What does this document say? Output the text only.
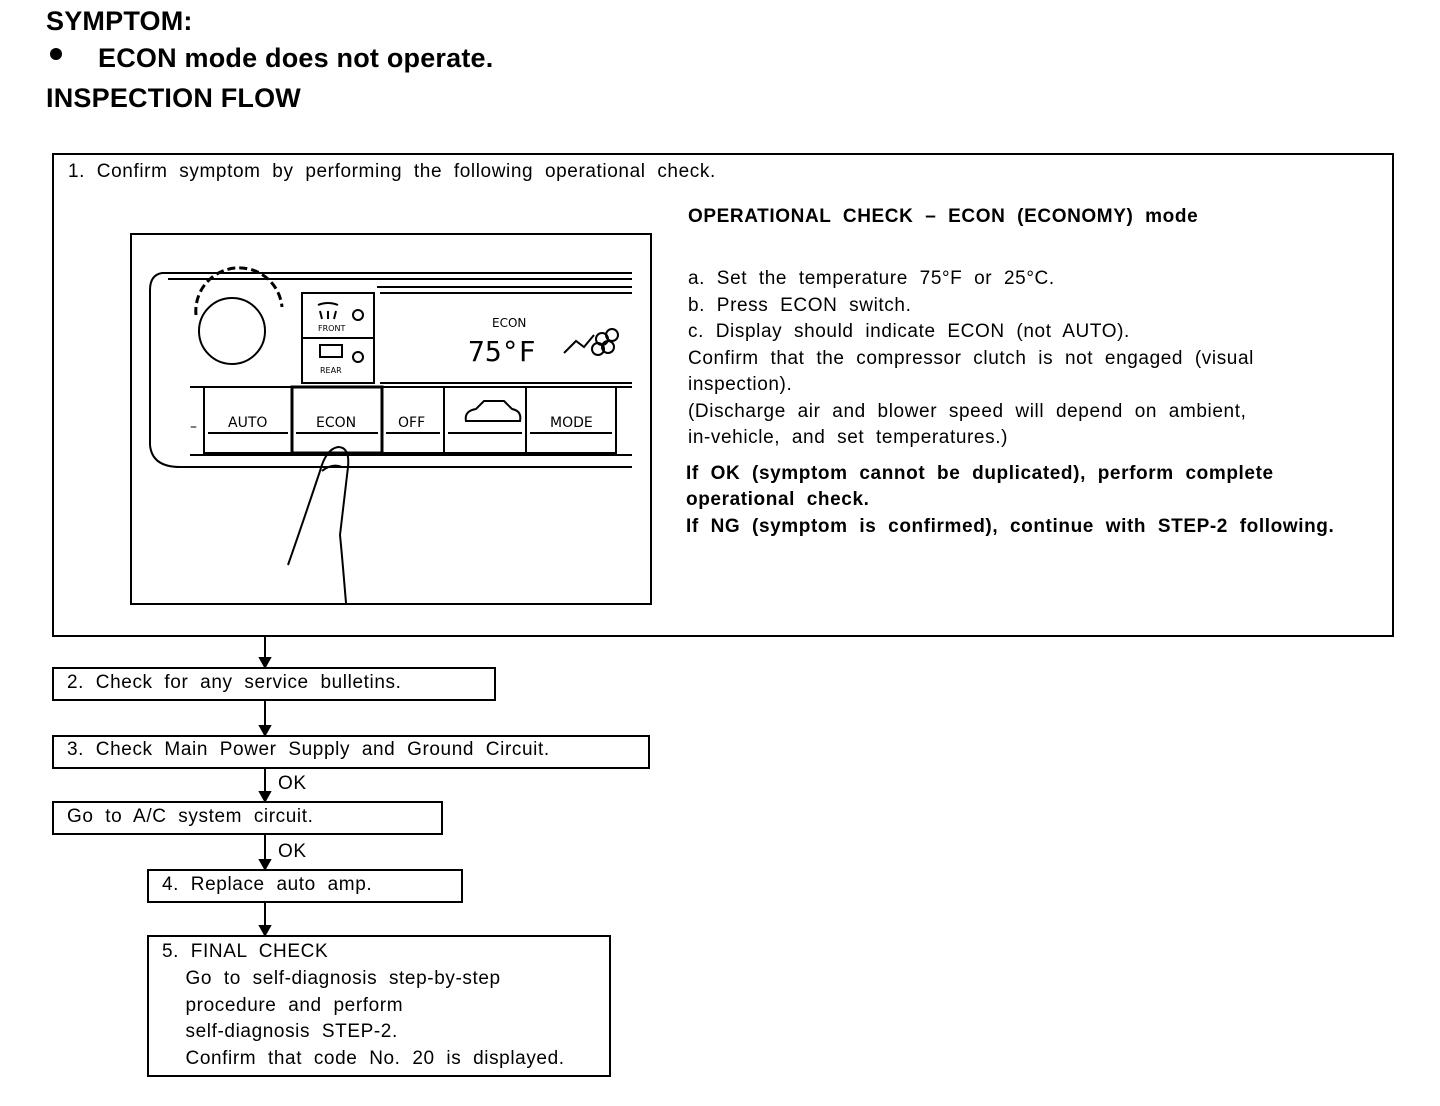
SYMPTOM:
ECON mode does not operate.
INSPECTION FLOW
1.  Confirm  symptom  by  performing  the  following  operational  check.
OPERATIONAL  CHECK  –  ECON  (ECONOMY)  mode
a.  Set  the  temperature  75°F  or  25°C.
b.  Press  ECON  switch.
c.  Display  should  indicate  ECON  (not  AUTO).
Confirm  that  the  compressor  clutch  is  not  engaged  (visual
inspection).
(Discharge  air  and  blower  speed  will  depend  on  ambient,
in-vehicle,  and  set  temperatures.)
If  OK  (symptom  cannot  be  duplicated),  perform  complete
operational  check.
If  NG  (symptom  is  confirmed),  continue  with  STEP-2  following.
FRONT
REAR
ECON
75°F
AUTO	ECON	OFF	MODE
–
2.  Check  for  any  service  bulletins.
3.  Check  Main  Power  Supply  and  Ground  Circuit.
OK
Go  to  A/C  system  circuit.
OK
4.  Replace  auto  amp.
5.  FINAL  CHECK
Go  to  self-diagnosis  step-by-step
procedure  and  perform
self-diagnosis  STEP-2.
Confirm  that  code  No.  20  is  displayed.
